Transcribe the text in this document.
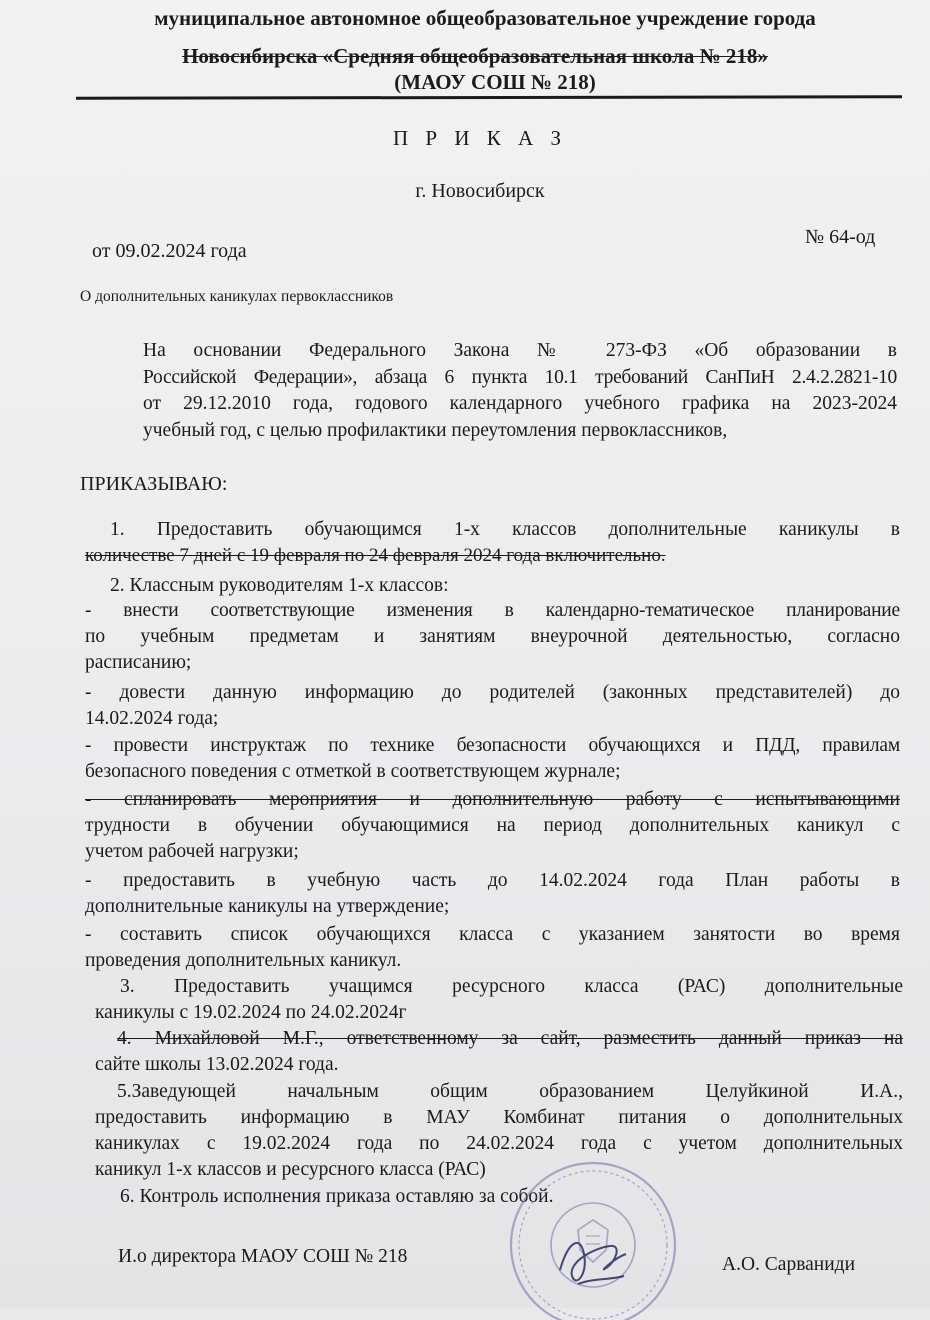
муниципальное автономное общеобразовательное учреждение города
Новосибирска «Средняя общеобразовательная школа № 218»
(МАОУ СОШ № 218)
П Р И К А З
г. Новосибирск
от 09.02.2024 года
№ 64-од
О дополнительных каникулах первоклассников
На основании Федерального Закона № 273-ФЗ «Об образовании в
Российской Федерации», абзаца 6 пункта 10.1 требований СанПиН 2.4.2.2821-10
от 29.12.2010 года, годового календарного учебного графика на 2023-2024
учебный год, с целью профилактики переутомления первоклассников,
ПРИКАЗЫВАЮ:
1. Предоставить обучающимся 1-х классов дополнительные каникулы в
количестве 7 дней с 19 февраля по 24 февраля 2024 года включительно.
2. Классным руководителям 1-х классов:
- внести соответствующие изменения в календарно-тематическое планирование
по учебным предметам и занятиям внеурочной деятельностью, согласно
расписанию;
- довести данную информацию до родителей (законных представителей) до
14.02.2024 года;
- провести инструктаж по технике безопасности обучающихся и ПДД, правилам
безопасного поведения с отметкой в соответствующем журнале;
- спланировать мероприятия и дополнительную работу с испытывающими
трудности в обучении обучающимися на период дополнительных каникул с
учетом рабочей нагрузки;
- предоставить в учебную часть до 14.02.2024 года План работы в
дополнительные каникулы на утверждение;
- составить список обучающихся класса с указанием занятости во время
проведения дополнительных каникул.
3. Предоставить учащимся ресурсного класса (РАС) дополнительные
каникулы с 19.02.2024 по 24.02.2024г
4. Михайловой М.Г., ответственному за сайт, разместить данный приказ на
сайте школы 13.02.2024 года.
5.Заведующей начальным общим образованием Целуйкиной И.А.,
предоставить информацию в МАУ Комбинат питания о дополнительных
каникулах с 19.02.2024 года по 24.02.2024 года с учетом дополнительных
каникул 1-х классов и ресурсного класса (РАС)
6. Контроль исполнения приказа оставляю за собой.
И.о директора МАОУ СОШ № 218	А.О. Сарваниди
